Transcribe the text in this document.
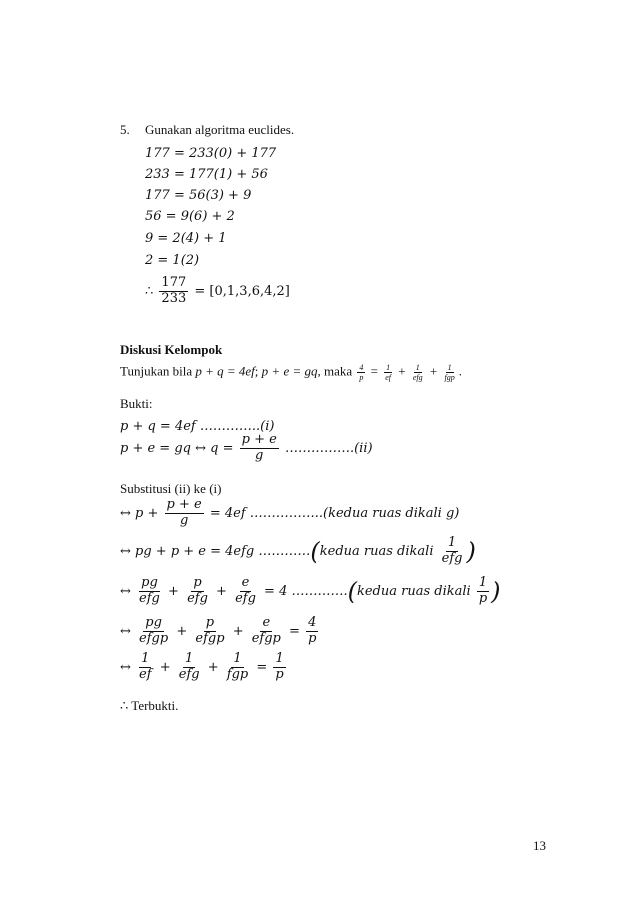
5. Gunakan algoritma euclides.
177 = 233(0) + 177
233 = 177(1) + 56
177 = 56(3) + 9
56 = 9(6) + 2
9 = 2(4) + 1
2 = 1(2)
∴ $\frac{177}{233} = [0,1,3,6,4,2]$
Diskusi Kelompok
Tunjukan bila p + q = 4ef; p + e = gq, maka $\frac{4}{p} = \frac{1}{ef} + \frac{1}{\text{efg}} + \frac{1}{\text{fgp}}$ .
Bukti:
p + q = 4ef …………..(i)
p + e = gq ↔ $q = \frac{p + e}{g}$ …………….(ii)
Substitusi (ii) ke (i)
↔ $p + \frac{p + e}{g} = 4ef$ ……………..(kedua ruas dikali g)
↔ pg + p + e = 4efg …………(kedua ruas dikali $\frac{1}{\text{efg}}$ )
↔ $\frac{pg}{\text{efg}} + \frac{p}{\text{efg}} + \frac{e}{\text{efg}} = 4$ ………….(kedua ruas dikali $\frac{1}{p}$ )
↔ $\frac{pg}{\text{efgp}} + \frac{p}{\text{efgp}} + \frac{e}{\text{efgp}} = \frac{4}{p}$
↔ $\frac{1}{ef} + \frac{1}{\text{efg}} + \frac{1}{\text{fgp}} = \frac{1}{p}$
∴ Terbukti.
13
